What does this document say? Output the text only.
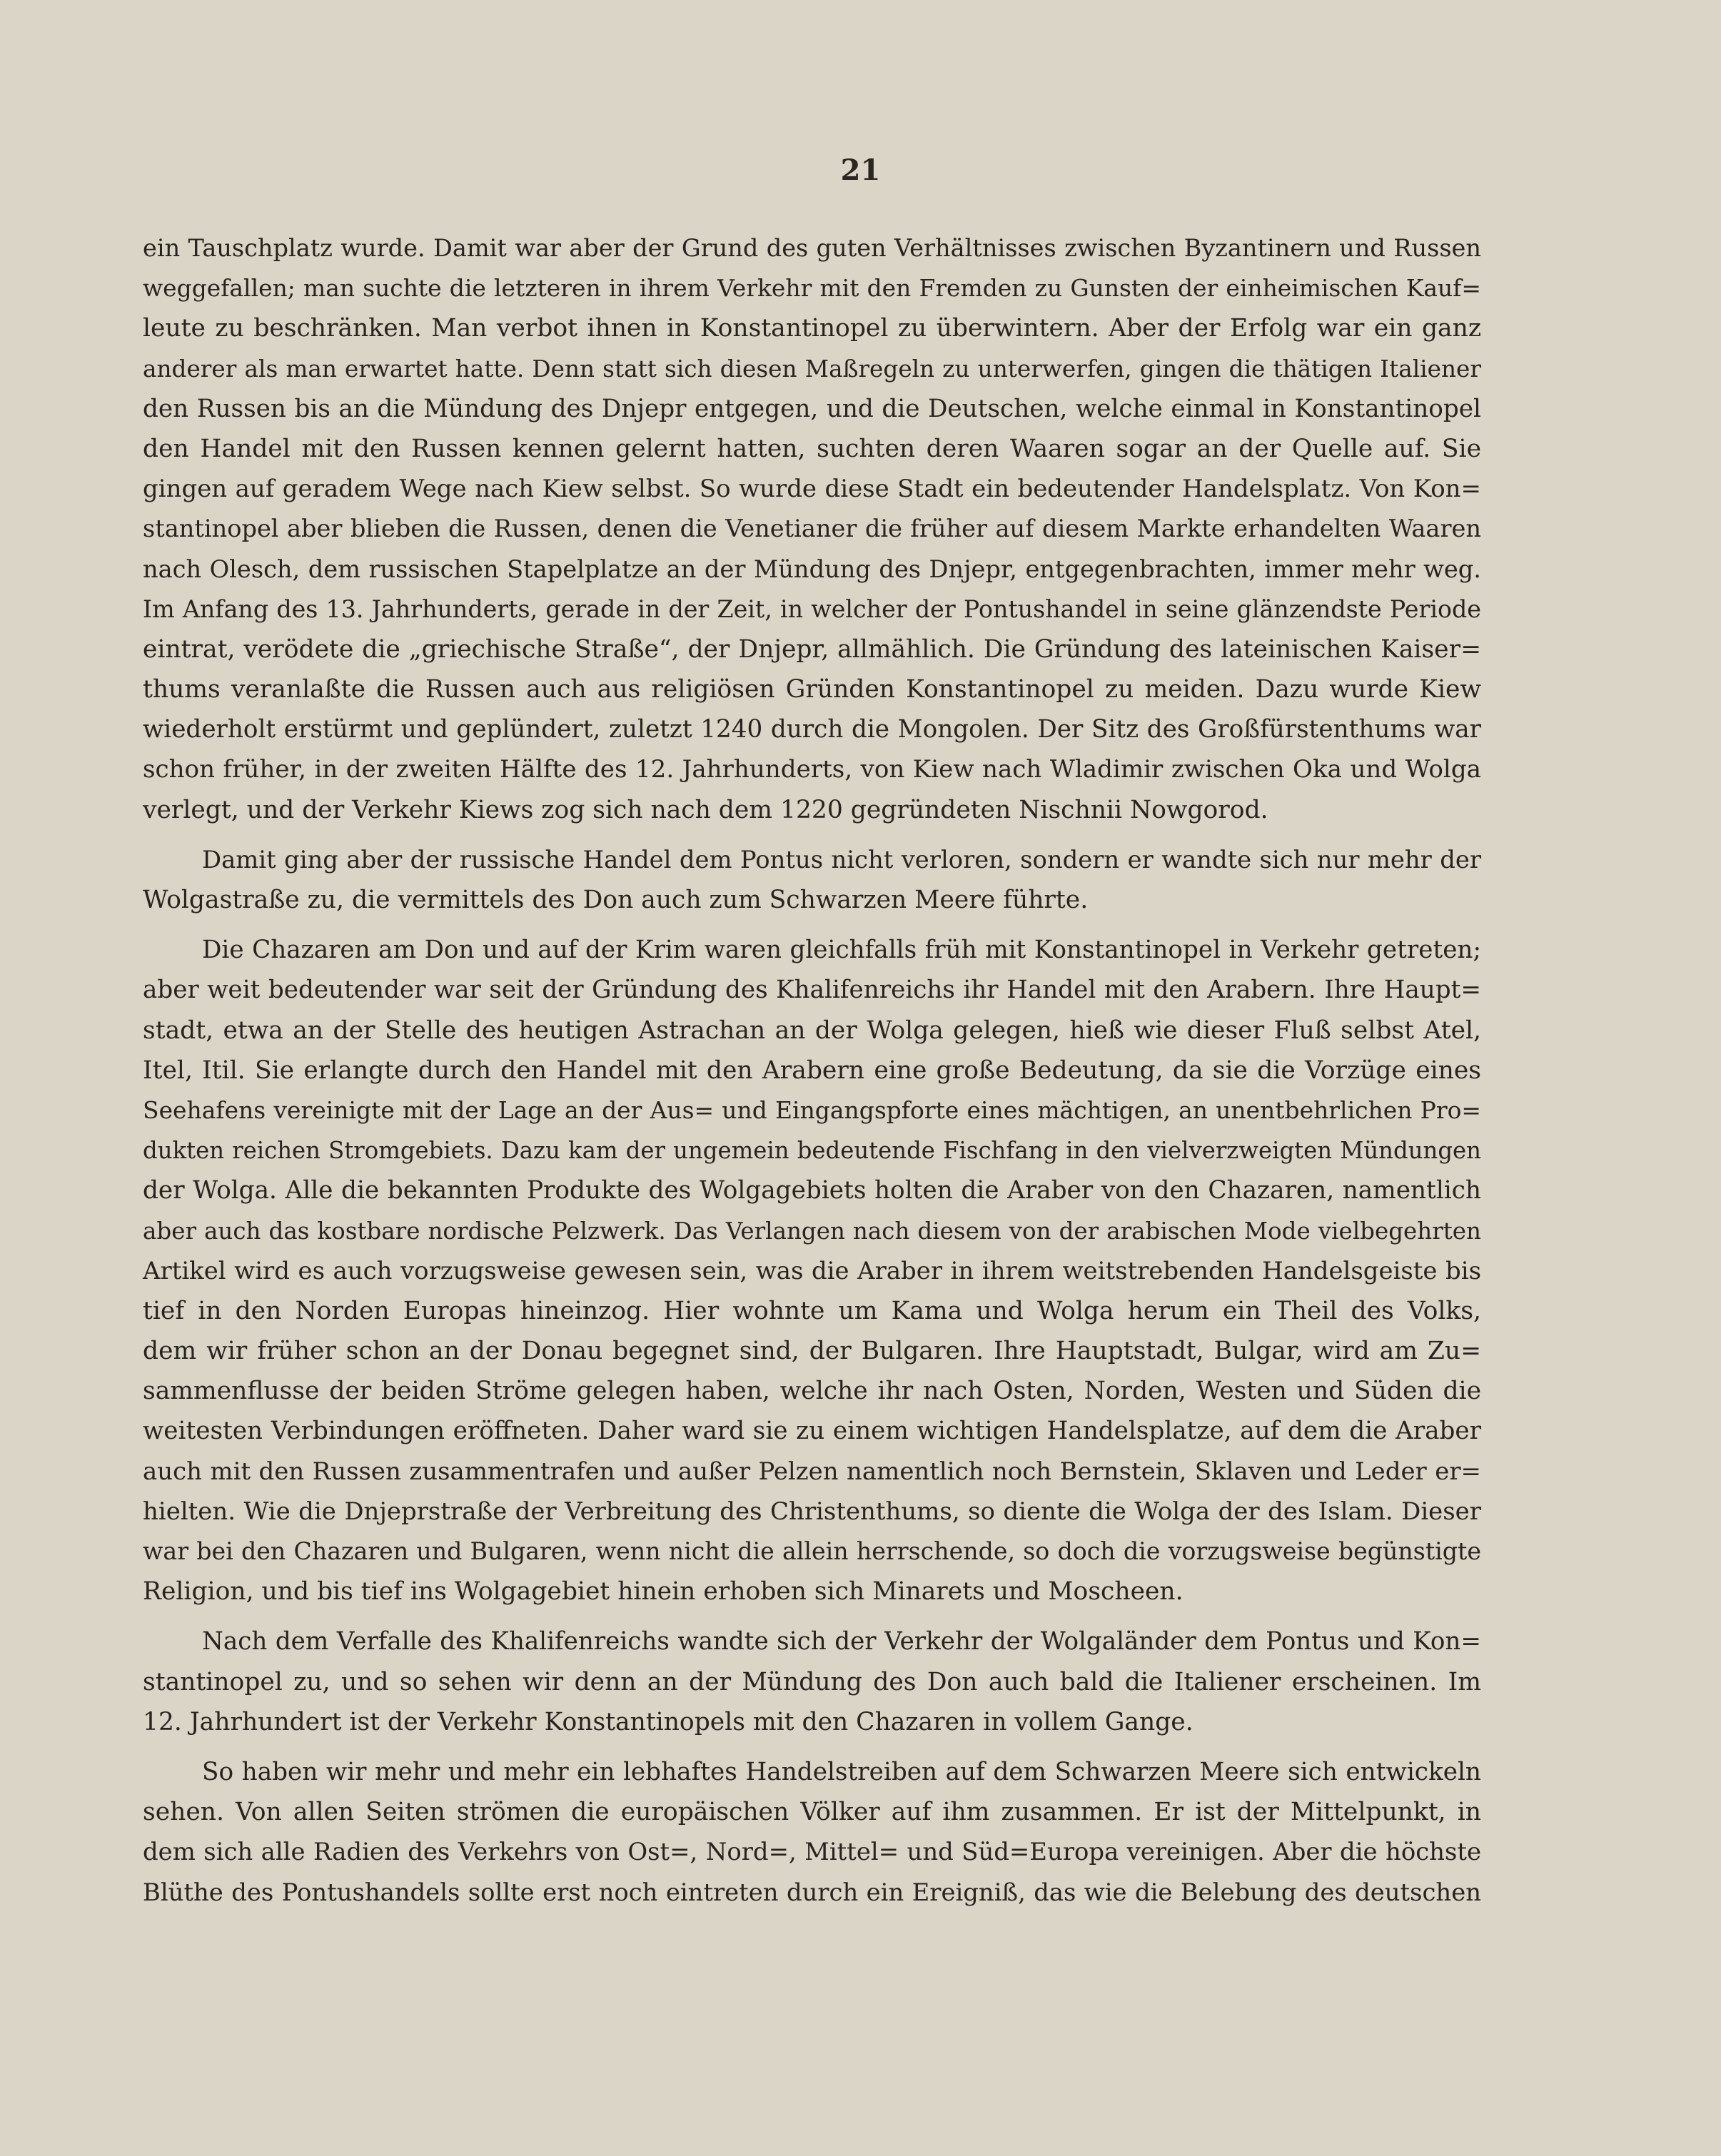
21
ein Tauschplatz wurde. Damit war aber der Grund des guten Verhältnisses zwischen Byzantinern und Russen
weggefallen; man suchte die letzteren in ihrem Verkehr mit den Fremden zu Gunsten der einheimischen Kauf=
leute zu beschränken. Man verbot ihnen in Konstantinopel zu überwintern. Aber der Erfolg war ein ganz
anderer als man erwartet hatte. Denn statt sich diesen Maßregeln zu unterwerfen, gingen die thätigen Italiener
den Russen bis an die Mündung des Dnjepr entgegen, und die Deutschen, welche einmal in Konstantinopel
den Handel mit den Russen kennen gelernt hatten, suchten deren Waaren sogar an der Quelle auf. Sie
gingen auf geradem Wege nach Kiew selbst. So wurde diese Stadt ein bedeutender Handelsplatz. Von Kon=
stantinopel aber blieben die Russen, denen die Venetianer die früher auf diesem Markte erhandelten Waaren
nach Olesch, dem russischen Stapelplatze an der Mündung des Dnjepr, entgegenbrachten, immer mehr weg.
Im Anfang des 13. Jahrhunderts, gerade in der Zeit, in welcher der Pontushandel in seine glänzendste Periode
eintrat, verödete die „griechische Straße“, der Dnjepr, allmählich. Die Gründung des lateinischen Kaiser=
thums veranlaßte die Russen auch aus religiösen Gründen Konstantinopel zu meiden. Dazu wurde Kiew
wiederholt erstürmt und geplündert, zuletzt 1240 durch die Mongolen. Der Sitz des Großfürstenthums war
schon früher, in der zweiten Hälfte des 12. Jahrhunderts, von Kiew nach Wladimir zwischen Oka und Wolga
verlegt, und der Verkehr Kiews zog sich nach dem 1220 gegründeten Nischnii Nowgorod.
Damit ging aber der russische Handel dem Pontus nicht verloren, sondern er wandte sich nur mehr der
Wolgastraße zu, die vermittels des Don auch zum Schwarzen Meere führte.
Die Chazaren am Don und auf der Krim waren gleichfalls früh mit Konstantinopel in Verkehr getreten;
aber weit bedeutender war seit der Gründung des Khalifenreichs ihr Handel mit den Arabern. Ihre Haupt=
stadt, etwa an der Stelle des heutigen Astrachan an der Wolga gelegen, hieß wie dieser Fluß selbst Atel,
Itel, Itil. Sie erlangte durch den Handel mit den Arabern eine große Bedeutung, da sie die Vorzüge eines
Seehafens vereinigte mit der Lage an der Aus= und Eingangspforte eines mächtigen, an unentbehrlichen Pro=
dukten reichen Stromgebiets. Dazu kam der ungemein bedeutende Fischfang in den vielverzweigten Mündungen
der Wolga. Alle die bekannten Produkte des Wolgagebiets holten die Araber von den Chazaren, namentlich
aber auch das kostbare nordische Pelzwerk. Das Verlangen nach diesem von der arabischen Mode vielbegehrten
Artikel wird es auch vorzugsweise gewesen sein, was die Araber in ihrem weitstrebenden Handelsgeiste bis
tief in den Norden Europas hineinzog. Hier wohnte um Kama und Wolga herum ein Theil des Volks,
dem wir früher schon an der Donau begegnet sind, der Bulgaren. Ihre Hauptstadt, Bulgar, wird am Zu=
sammenflusse der beiden Ströme gelegen haben, welche ihr nach Osten, Norden, Westen und Süden die
weitesten Verbindungen eröffneten. Daher ward sie zu einem wichtigen Handelsplatze, auf dem die Araber
auch mit den Russen zusammentrafen und außer Pelzen namentlich noch Bernstein, Sklaven und Leder er=
hielten. Wie die Dnjeprstraße der Verbreitung des Christenthums, so diente die Wolga der des Islam. Dieser
war bei den Chazaren und Bulgaren, wenn nicht die allein herrschende, so doch die vorzugsweise begünstigte
Religion, und bis tief ins Wolgagebiet hinein erhoben sich Minarets und Moscheen.
Nach dem Verfalle des Khalifenreichs wandte sich der Verkehr der Wolgaländer dem Pontus und Kon=
stantinopel zu, und so sehen wir denn an der Mündung des Don auch bald die Italiener erscheinen. Im
12. Jahrhundert ist der Verkehr Konstantinopels mit den Chazaren in vollem Gange.
So haben wir mehr und mehr ein lebhaftes Handelstreiben auf dem Schwarzen Meere sich entwickeln
sehen. Von allen Seiten strömen die europäischen Völker auf ihm zusammen. Er ist der Mittelpunkt, in
dem sich alle Radien des Verkehrs von Ost=, Nord=, Mittel= und Süd=Europa vereinigen. Aber die höchste
Blüthe des Pontushandels sollte erst noch eintreten durch ein Ereigniß, das wie die Belebung des deutschen
